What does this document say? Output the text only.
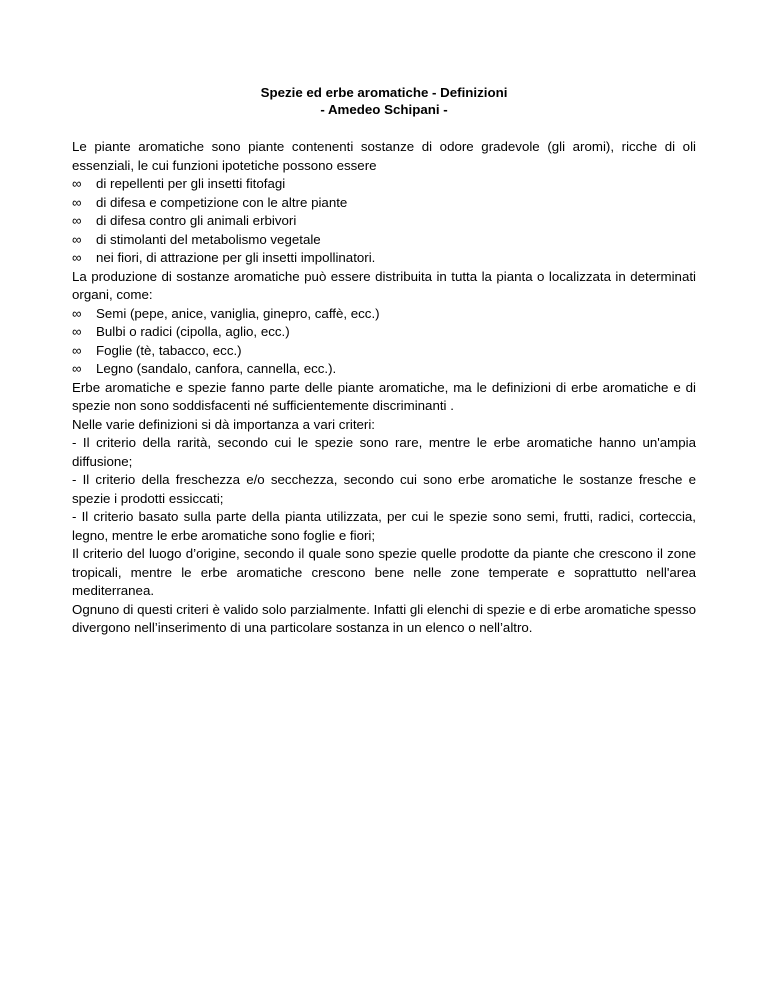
Spezie ed erbe aromatiche - Definizioni
- Amedeo Schipani -
Le piante aromatiche sono piante contenenti sostanze di odore gradevole (gli aromi), ricche di oli essenziali, le cui funzioni ipotetiche possono essere
∞ di repellenti per gli insetti fitofagi
∞ di difesa e competizione con le altre piante
∞ di difesa contro gli animali erbivori
∞ di stimolanti del metabolismo vegetale
∞ nei fiori, di attrazione per gli insetti impollinatori.
La produzione di sostanze aromatiche può essere distribuita in tutta la pianta o localizzata in determinati organi, come:
∞ Semi (pepe, anice, vaniglia, ginepro, caffè, ecc.)
∞ Bulbi o radici (cipolla, aglio, ecc.)
∞ Foglie (tè, tabacco, ecc.)
∞ Legno (sandalo, canfora, cannella, ecc.).
Erbe aromatiche e spezie fanno parte delle piante aromatiche, ma le definizioni di erbe aromatiche e di spezie non sono soddisfacenti né sufficientemente discriminanti .
Nelle varie definizioni si dà importanza a vari criteri:
- Il criterio della rarità, secondo cui le spezie sono rare, mentre le erbe aromatiche hanno un'ampia diffusione;
- Il criterio della freschezza e/o secchezza, secondo cui sono erbe aromatiche le sostanze fresche e spezie i prodotti essiccati;
- Il criterio basato sulla parte della pianta utilizzata, per cui le spezie sono semi, frutti, radici, corteccia, legno, mentre le erbe aromatiche sono foglie e fiori;
Il criterio del luogo d’origine, secondo il quale sono spezie quelle prodotte da piante che crescono il zone tropicali, mentre le erbe aromatiche crescono bene nelle zone temperate e soprattutto nell'area mediterranea.
Ognuno di questi criteri è valido solo parzialmente. Infatti gli elenchi di spezie e di erbe aromatiche spesso divergono nell’inserimento di una particolare sostanza in un elenco o nell’altro.
